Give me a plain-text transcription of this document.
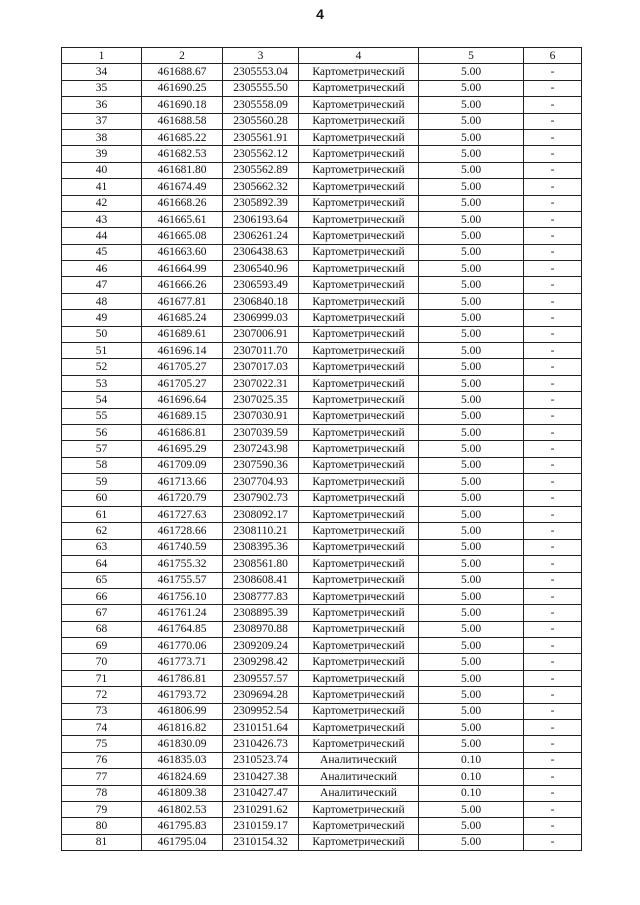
4
1	2	3	4	5	6
34	461688.67	2305553.04	Картометрический	5.00	-
35	461690.25	2305555.50	Картометрический	5.00	-
36	461690.18	2305558.09	Картометрический	5.00	-
37	461688.58	2305560.28	Картометрический	5.00	-
38	461685.22	2305561.91	Картометрический	5.00	-
39	461682.53	2305562.12	Картометрический	5.00	-
40	461681.80	2305562.89	Картометрический	5.00	-
41	461674.49	2305662.32	Картометрический	5.00	-
42	461668.26	2305892.39	Картометрический	5.00	-
43	461665.61	2306193.64	Картометрический	5.00	-
44	461665.08	2306261.24	Картометрический	5.00	-
45	461663.60	2306438.63	Картометрический	5.00	-
46	461664.99	2306540.96	Картометрический	5.00	-
47	461666.26	2306593.49	Картометрический	5.00	-
48	461677.81	2306840.18	Картометрический	5.00	-
49	461685.24	2306999.03	Картометрический	5.00	-
50	461689.61	2307006.91	Картометрический	5.00	-
51	461696.14	2307011.70	Картометрический	5.00	-
52	461705.27	2307017.03	Картометрический	5.00	-
53	461705.27	2307022.31	Картометрический	5.00	-
54	461696.64	2307025.35	Картометрический	5.00	-
55	461689.15	2307030.91	Картометрический	5.00	-
56	461686.81	2307039.59	Картометрический	5.00	-
57	461695.29	2307243.98	Картометрический	5.00	-
58	461709.09	2307590.36	Картометрический	5.00	-
59	461713.66	2307704.93	Картометрический	5.00	-
60	461720.79	2307902.73	Картометрический	5.00	-
61	461727.63	2308092.17	Картометрический	5.00	-
62	461728.66	2308110.21	Картометрический	5.00	-
63	461740.59	2308395.36	Картометрический	5.00	-
64	461755.32	2308561.80	Картометрический	5.00	-
65	461755.57	2308608.41	Картометрический	5.00	-
66	461756.10	2308777.83	Картометрический	5.00	-
67	461761.24	2308895.39	Картометрический	5.00	-
68	461764.85	2308970.88	Картометрический	5.00	-
69	461770.06	2309209.24	Картометрический	5.00	-
70	461773.71	2309298.42	Картометрический	5.00	-
71	461786.81	2309557.57	Картометрический	5.00	-
72	461793.72	2309694.28	Картометрический	5.00	-
73	461806.99	2309952.54	Картометрический	5.00	-
74	461816.82	2310151.64	Картометрический	5.00	-
75	461830.09	2310426.73	Картометрический	5.00	-
76	461835.03	2310523.74	Аналитический	0.10	-
77	461824.69	2310427.38	Аналитический	0.10	-
78	461809.38	2310427.47	Аналитический	0.10	-
79	461802.53	2310291.62	Картометрический	5.00	-
80	461795.83	2310159.17	Картометрический	5.00	-
81	461795.04	2310154.32	Картометрический	5.00	-
